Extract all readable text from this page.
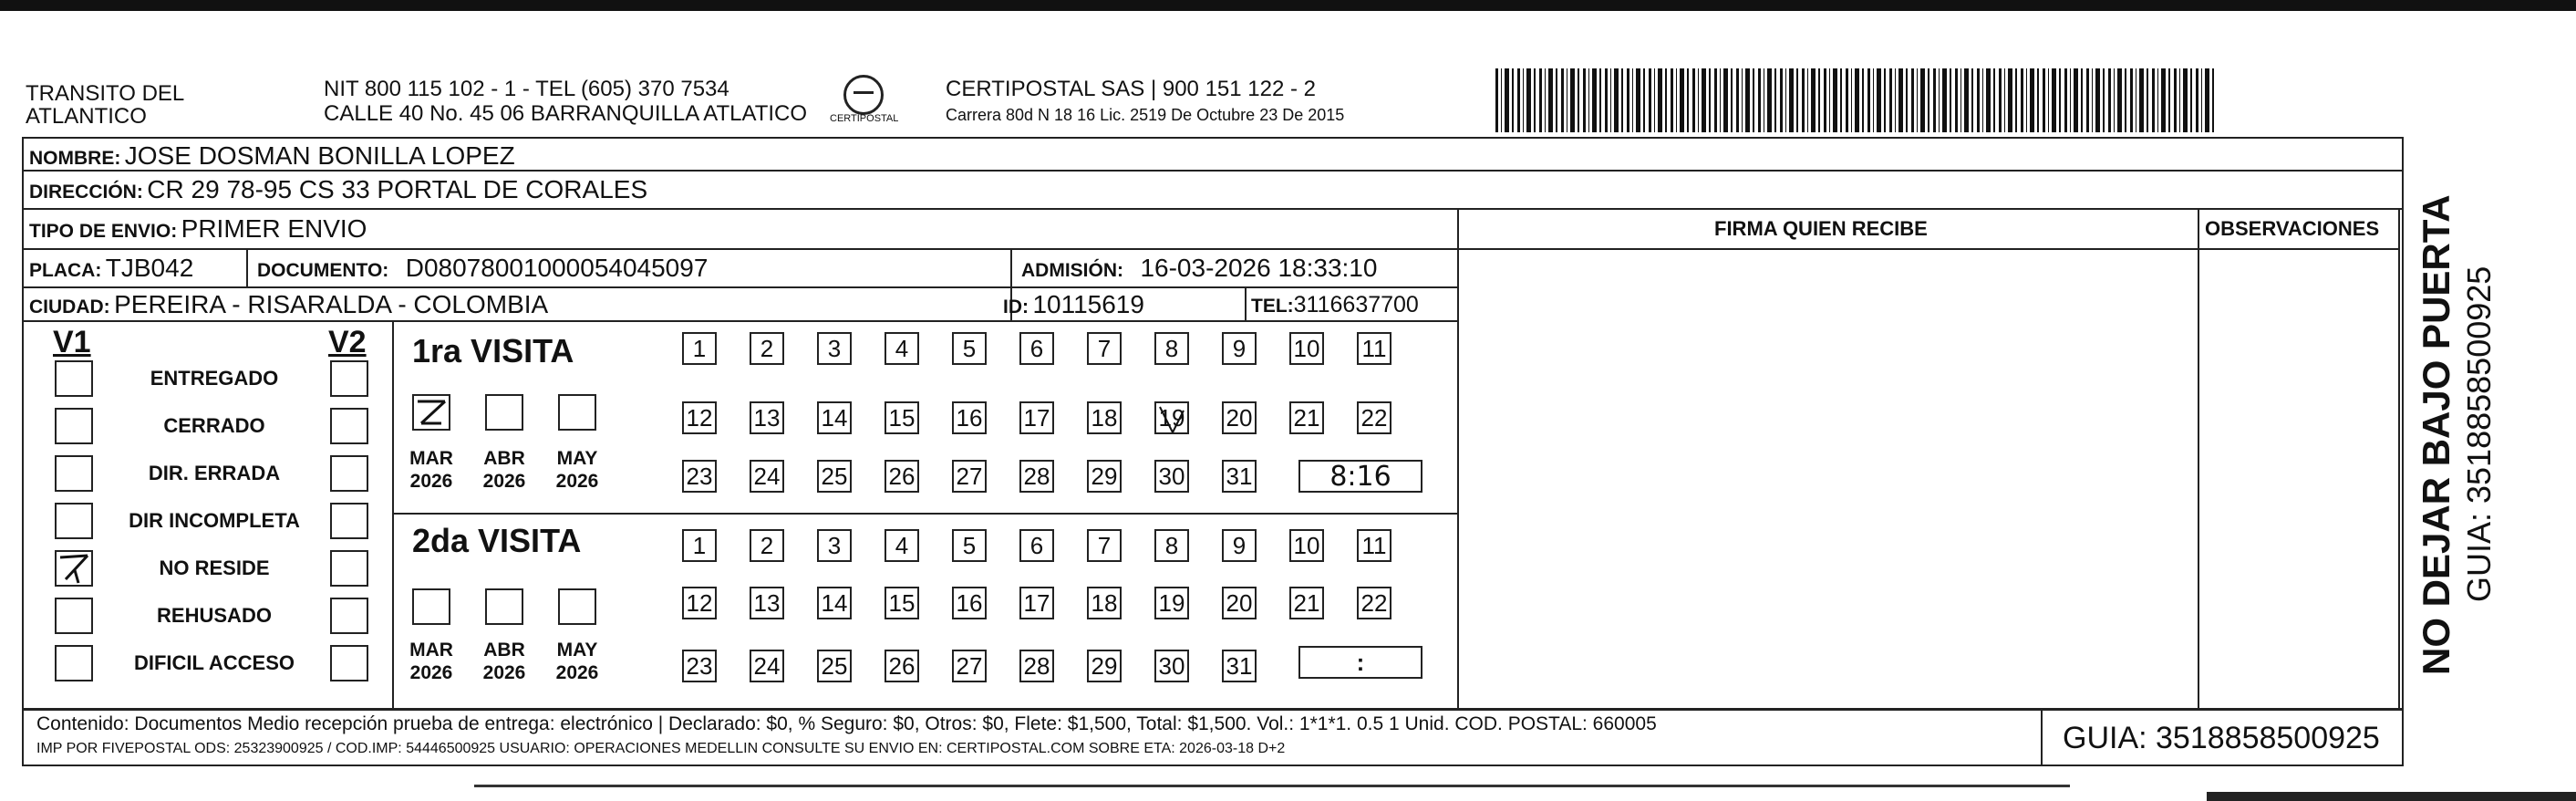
TRANSITO DEL
ATLANTICO
NIT 800 115 102 - 1 - TEL (605) 370 7534
CALLE 40 No. 45 06 BARRANQUILLA ATLATICO CERTIPOSTAL
CERTIPOSTAL SAS | 900 151 122 - 2
Carrera 80d N 18 16 Lic. 2519 De Octubre 23 De 2015
NOMBRE: JOSE DOSMAN BONILLA LOPEZ
DIRECCIÓN: CR 29 78-95 CS 33 PORTAL DE CORALES
TIPO DE ENVIO: PRIMER ENVIO	FIRMA QUIEN RECIBE	OBSERVACIONES
PLACA: TJB042	DOCUMENTO: D08078001000054045097	ADMISIÓN: 16-03-2026 18:33:10
CIUDAD: PEREIRA - RISARALDA - COLOMBIA	ID: 10115619	TEL:3116637700
V1	V2
ENTREGADO
CERRADO
DIR. ERRADA
DIR INCOMPLETA
NO RESIDE
REHUSADO
DIFICIL ACCESO
1ra VISITA
MAR ABR MAY
2026 2026 2026
1	2	3	4	5	6	7	8	9	10 11
12 13 14 15 16 17 18 19 20 21 22
23 24 25 26 27 28 29 30 31	8:16
2da VISITA
MAR ABR MAY
2026 2026 2026
1	2	3	4	5	6	7	8	9	10 11
12 13 14 15 16 17 18 19 20 21 22
23 24 25 26 27 28 29 30 31	:
Contenido: Documentos Medio recepción prueba de entrega: electrónico | Declarado: $0, % Seguro: $0, Otros: $0, Flete: $1,500, Total: $1,500. Vol.: 1*1*1. 0.5 1 Unid. COD. POSTAL: 660005
IMP POR FIVEPOSTAL ODS: 25323900925 / COD.IMP: 54446500925 USUARIO: OPERACIONES MEDELLIN CONSULTE SU ENVIO EN: CERTIPOSTAL.COM SOBRE ETA: 2026-03-18 D+2	GUIA: 3518858500925
NO DEJAR BAJO PUERTA GUIA: 3518858500925
